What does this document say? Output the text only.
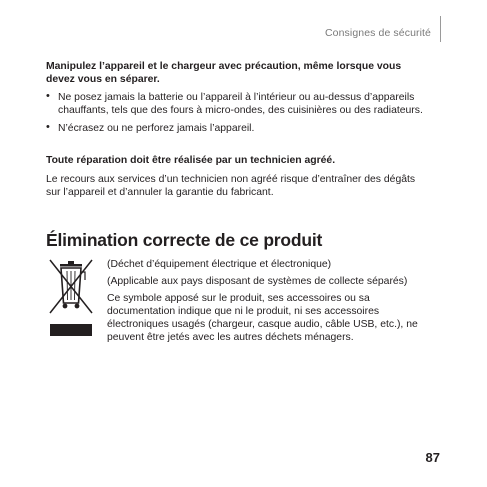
Consignes de sécurité

Manipulez l’appareil et le chargeur avec précaution, même lorsque vous
devez vous en séparer.

• Ne posez jamais la batterie ou l’appareil à l’intérieur ou au-dessus d’appareils
chauffants, tels que des fours à micro-ondes, des cuisinières ou des radiateurs.
• N’écrasez ou ne perforez jamais l’appareil.

Toute réparation doit être réalisée par un technicien agréé.

Le recours aux services d’un technicien non agréé risque d’entraîner des dégâts
sur l’appareil et d’annuler la garantie du fabricant.

Élimination correcte de ce produit

(Déchet d’équipement électrique et électronique)

(Applicable aux pays disposant de systèmes de collecte séparés)

Ce symbole apposé sur le produit, ses accessoires ou sa
documentation indique que ni le produit, ni ses accessoires
électroniques usagés (chargeur, casque audio, câble USB, etc.), ne
peuvent être jetés avec les autres déchets ménagers.

87
